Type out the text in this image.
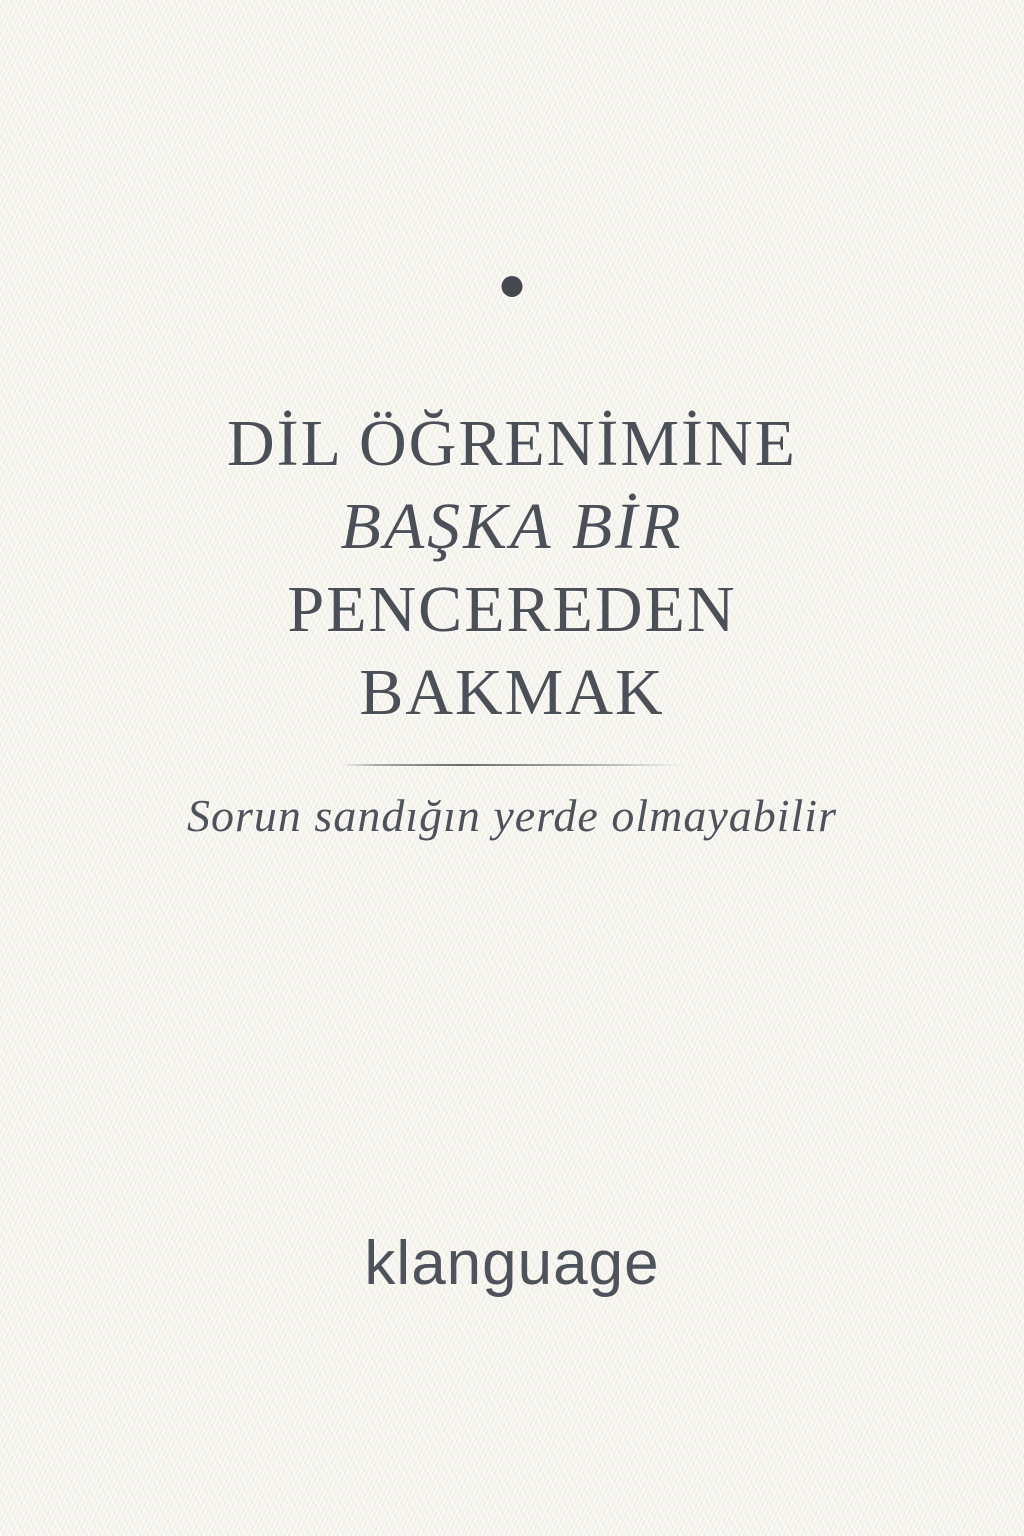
DİL ÖĞRENİMİNE
BAŞKA BİR
PENCEREDEN
BAKMAK
Sorun sandığın yerde olmayabilir
klanguage
